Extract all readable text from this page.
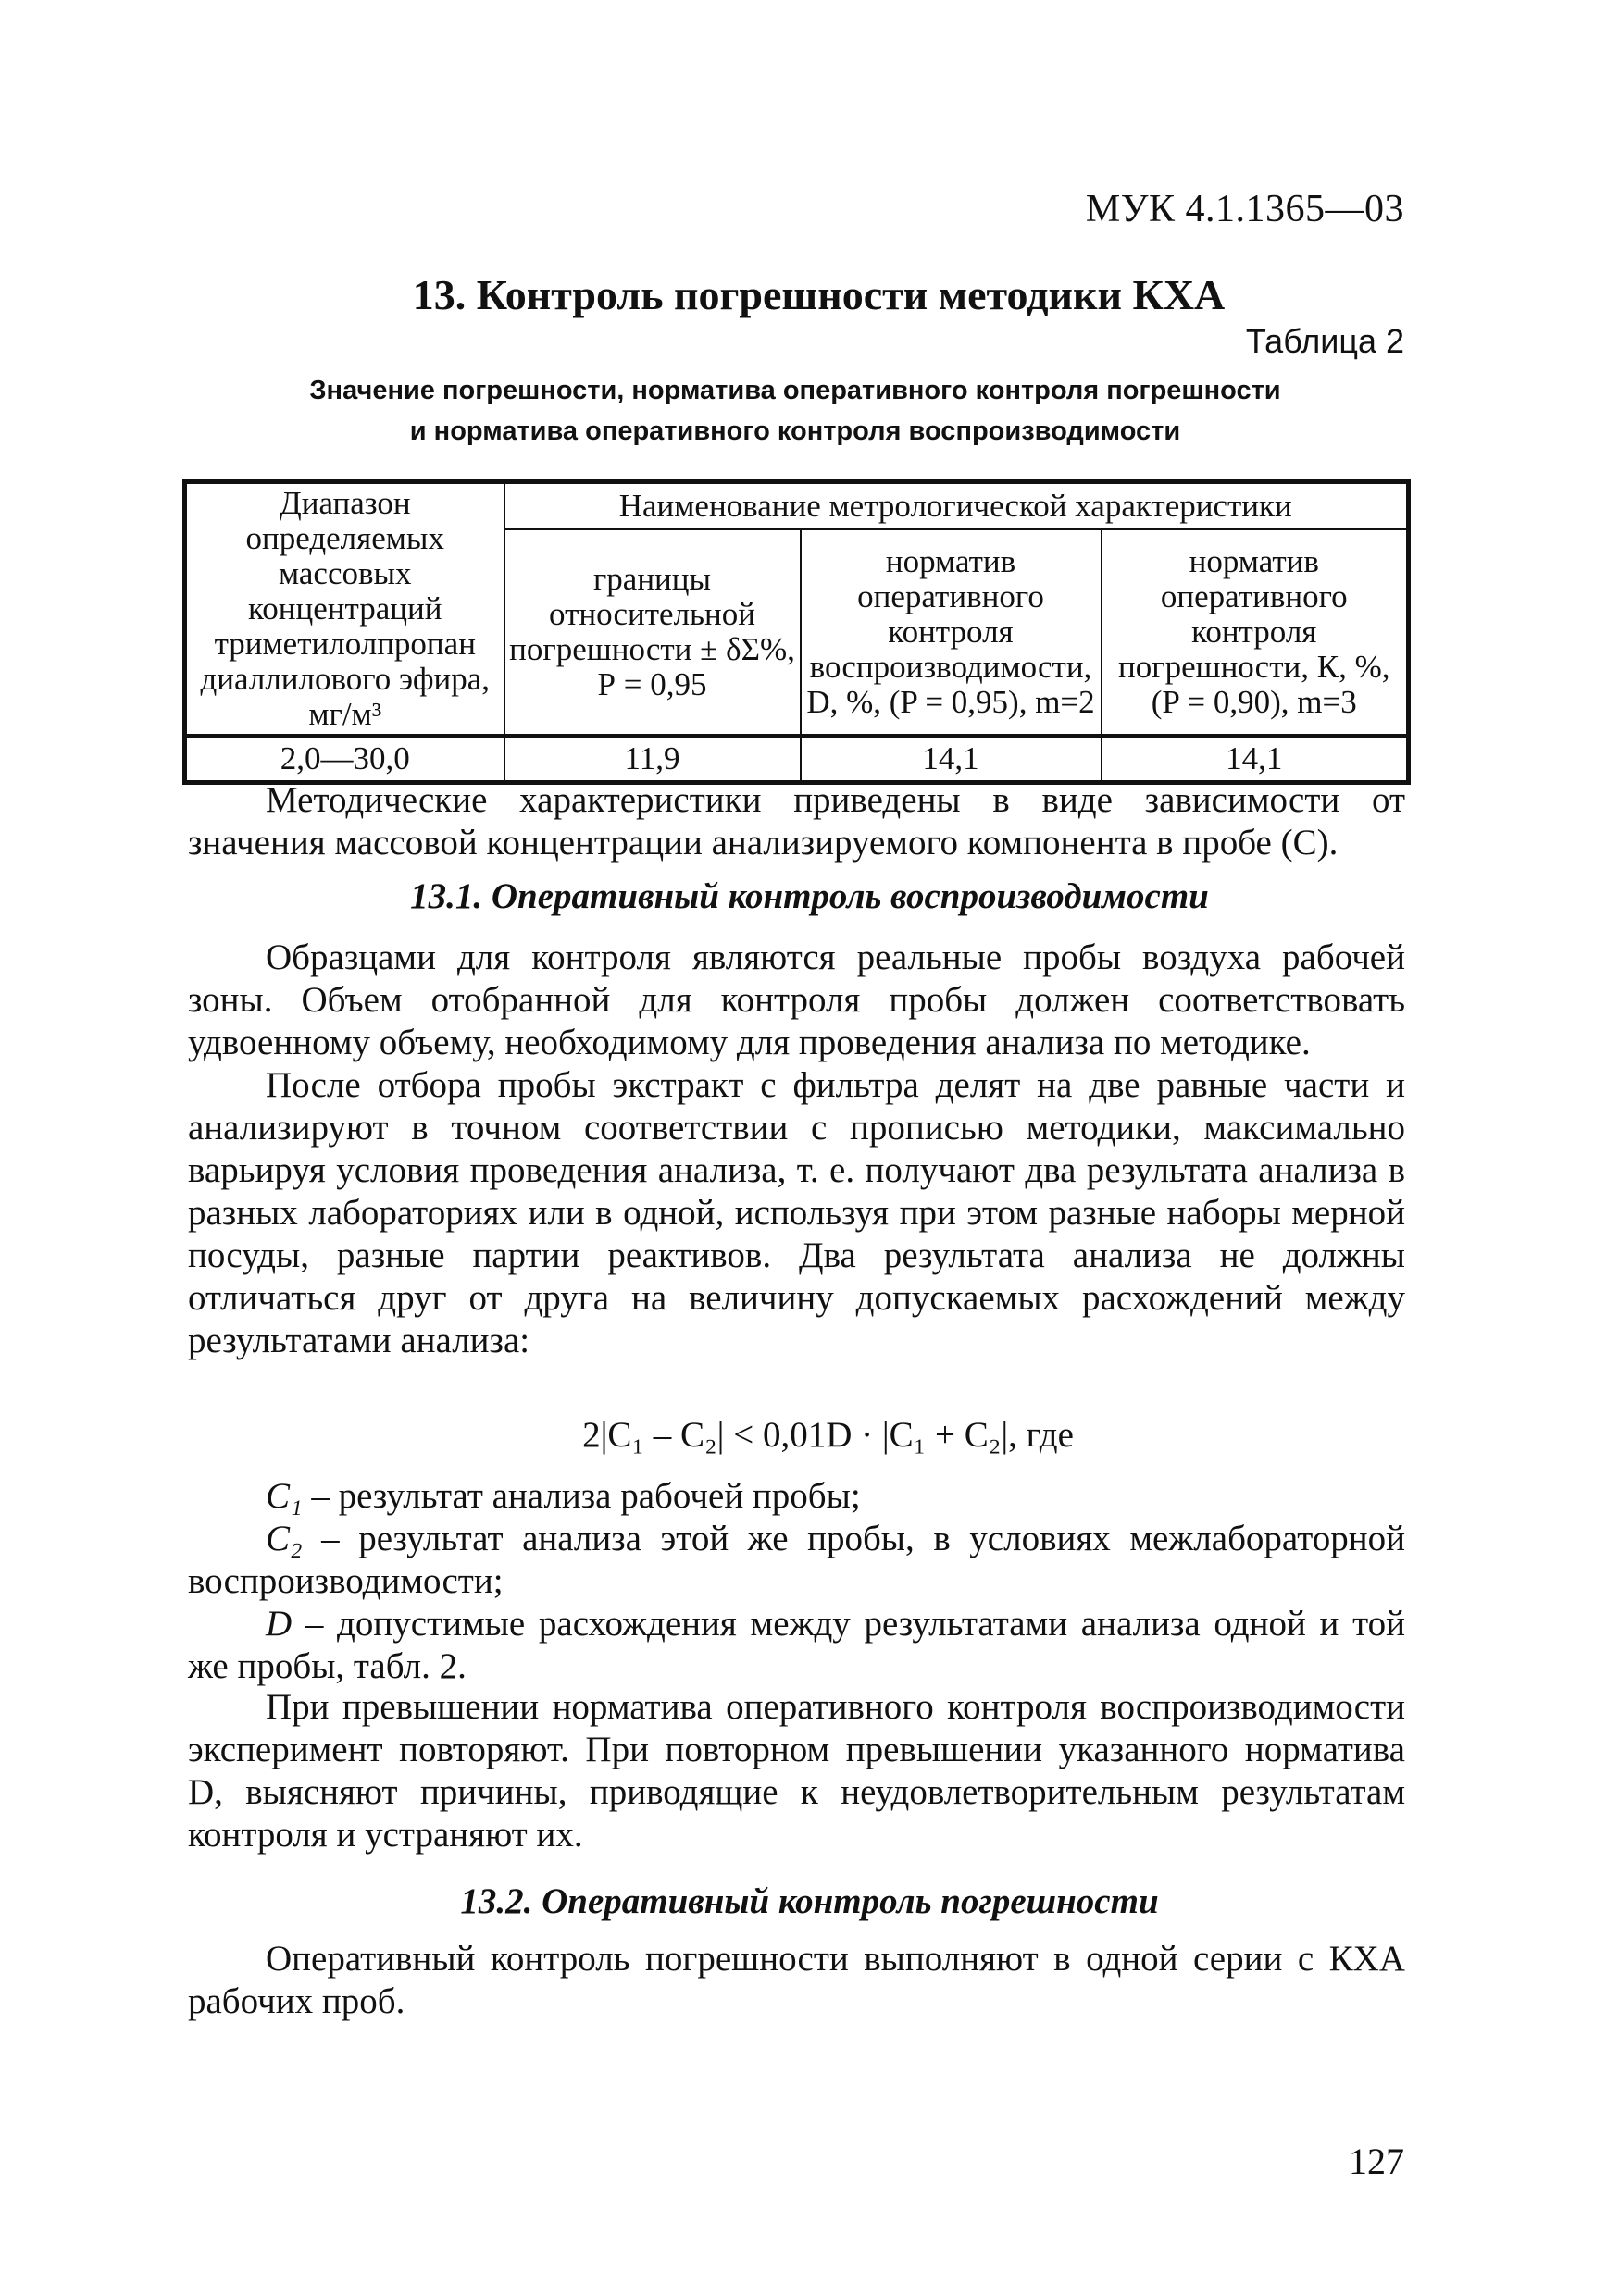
МУК 4.1.1365—03
13. Контроль погрешности методики КХА
Таблица 2
Значение погрешности, норматива оперативного контроля погрешности
и норматива оперативного контроля воспроизводимости
Диапазон определяемых массовых концентраций триметилолпропан диаллилового эфира, мг/м³	Наименование метрологической характеристики		
	границы относительной погрешности ± δΣ%, Р = 0,95	норматив оперативного контроля воспроизводимости, D, %, (P = 0,95), m=2	норматив оперативного контроля погрешности, К, %, (P = 0,90), m=3
2,0—30,0	11,9	14,1	14,1

Методические характеристики приведены в виде зависимости от значения массовой концентрации анализируемого компонента в пробе (С).

13.1. Оперативный контроль воспроизводимости

Образцами для контроля являются реальные пробы воздуха рабочей зоны. Объем отобранной для контроля пробы должен соответствовать удвоенному объему, необходимому для проведения анализа по методике.

После отбора пробы экстракт с фильтра делят на две равные части и анализируют в точном соответствии с прописью методики, максимально варьируя условия проведения анализа, т. е. получают два результата анализа в разных лабораториях или в одной, используя при этом разные наборы мерной посуды, разные партии реактивов. Два результата анализа не должны отличаться друг от друга на величину допускаемых расхождений между результатами анализа:

2|C₁ – C₂| < 0,01D · |C₁ + C₂|, где

C₁ – результат анализа рабочей пробы;

C₂ – результат анализа этой же пробы, в условиях межлабораторной воспроизводимости;

D – допустимые расхождения между результатами анализа одной и той же пробы, табл. 2.

При превышении норматива оперативного контроля воспроизводимости эксперимент повторяют. При повторном превышении указанного норматива D, выясняют причины, приводящие к неудовлетворительным результатам контроля и устраняют их.

13.2. Оперативный контроль погрешности

Оперативный контроль погрешности выполняют в одной серии с КХА рабочих проб.

127
